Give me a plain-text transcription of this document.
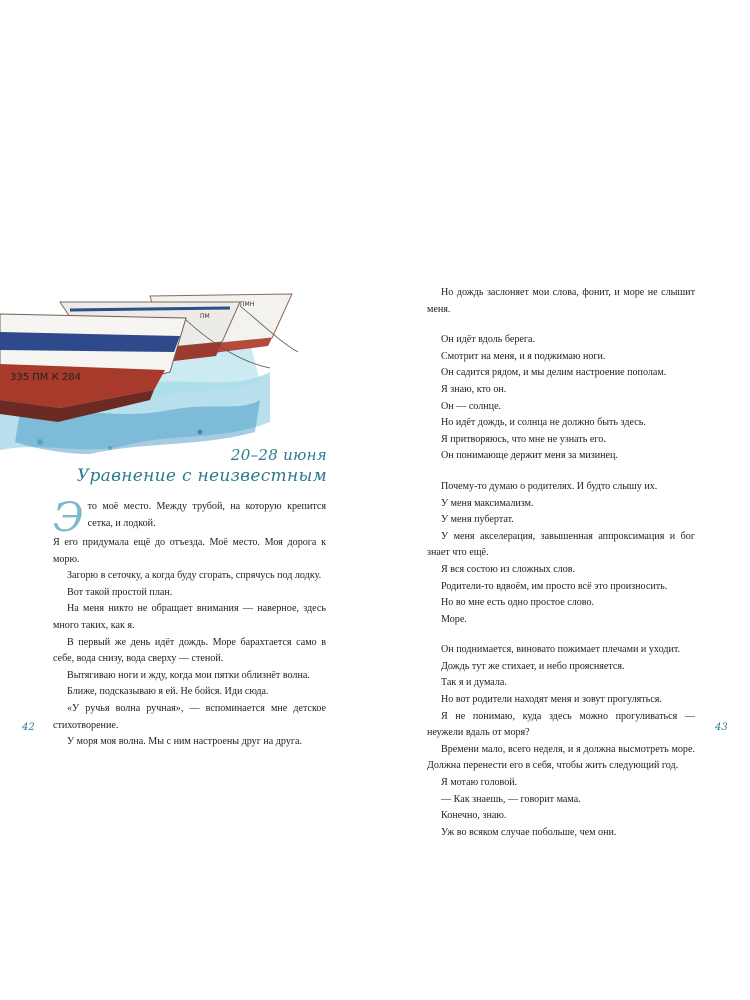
ПМН
ПМ
335 ПМ К 284
20–28 июня
Уравнение с неизвестным

Это моё место. Между трубой, на которую крепится сетка, и лодкой.

Я его придумала ещё до отъезда. Моё место. Моя дорога к морю.

Загорю в сеточку, а когда буду сгорать, спрячусь под лодку.

Вот такой простой план.

На меня никто не обращает внимания — наверное, здесь много таких, как я.

В первый же день идёт дождь. Море барахтается само в себе, вода снизу, вода сверху — стеной.

Вытягиваю ноги и жду, когда мои пятки облизнёт волна.

Ближе, подсказываю я ей. Не бойся. Иди сюда.

«У ручья волна ручная», — вспоминается мне детское стихотворение.

У моря моя волна. Мы с ним настроены друг на друга.

42

Но дождь заслоняет мои слова, фонит, и море не слышит меня.

Он идёт вдоль берега.

Смотрит на меня, и я поджимаю ноги.

Он садится рядом, и мы делим настроение пополам.

Я знаю, кто он.

Он — солнце.

Но идёт дождь, и солнца не должно быть здесь.

Я притворяюсь, что мне не узнать его.

Он понимающе держит меня за мизинец.

Почему-то думаю о родителях. И будто слышу их.

У меня максимализм.

У меня пубертат.

У меня акселерация, завышенная аппроксимация и бог знает что ещё.

Я вся состою из сложных слов.

Родители-то вдвоём, им просто всё это произносить.

Но во мне есть одно простое слово.

Море.

Он поднимается, виновато пожимает плечами и уходит.

Дождь тут же стихает, и небо проясняется.

Так я и думала.

Но вот родители находят меня и зовут прогуляться.

Я не понимаю, куда здесь можно прогуливаться — неужели вдаль от моря?

Времени мало, всего неделя, и я должна высмотреть море. Должна перенести его в себя, чтобы жить следующий год.

Я мотаю головой.

— Как знаешь, — говорит мама.

Конечно, знаю.

Уж во всяком случае побольше, чем они.

43
